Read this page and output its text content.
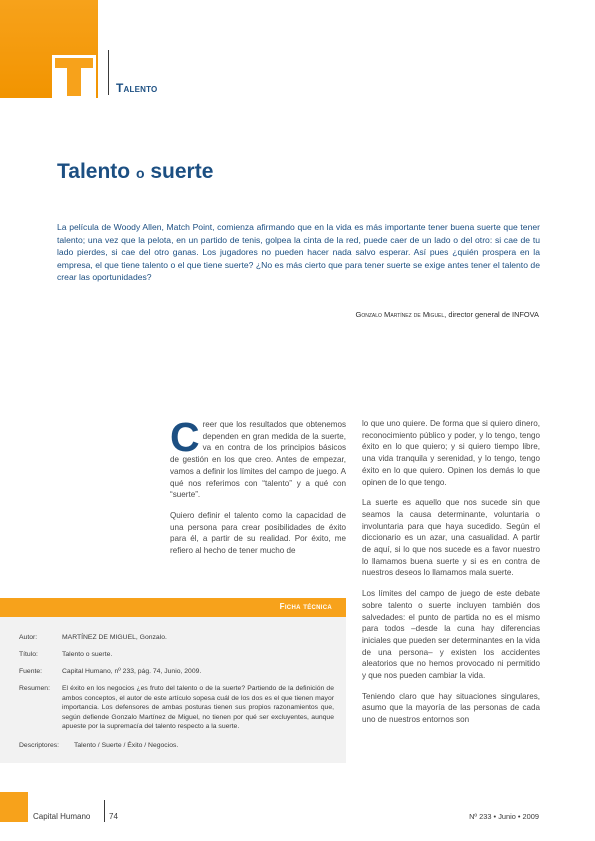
Talento
Talento o suerte
La película de Woody Allen, Match Point, comienza afirmando que en la vida es más importante tener buena suerte que tener talento; una vez que la pelota, en un partido de tenis, golpea la cinta de la red, puede caer de un lado o del otro: si cae de tu lado pierdes, si cae del otro ganas. Los jugadores no pueden hacer nada salvo esperar. Así pues ¿quién prospera en la empresa, el que tiene talento o el que tiene suerte? ¿No es más cierto que para tener suerte se exige antes tener el talento de crear las oportunidades?
Gonzalo Martínez de Miguel, director general de INFOVA

Creer que los resultados que obtenemos dependen en gran medida de la suerte, va en contra de los principios básicos de gestión en los que creo. Antes de empezar, vamos a definir los límites del campo de juego. A qué nos referimos con “talento” y a qué con “suerte”.

Quiero definir el talento como la capacidad de una persona para crear posibilidades de éxito para él, a partir de su realidad. Por éxito, me refiero al hecho de tener mucho de

lo que uno quiere. De forma que si quiero dinero, reconocimiento público y poder, y lo tengo, tengo éxito en lo que quiero; y si quiero tiempo libre, una vida tranquila y serenidad, y lo tengo, tengo éxito en lo que quiero. Opinen los demás lo que opinen de lo que tengo.

La suerte es aquello que nos sucede sin que seamos la causa determinante, voluntaria o involuntaria para que haya sucedido. Según el diccionario es un azar, una casualidad. A partir de aquí, si lo que nos sucede es a favor nuestro lo llamamos buena suerte y si es en contra de nuestros deseos lo llamamos mala suerte.

Los límites del campo de juego de este debate sobre talento o suerte incluyen también dos salvedades: el punto de partida no es el mismo para todos –desde la cuna hay diferencias iniciales que pueden ser determinantes en la vida de una persona– y existen los accidentes aleatorios que no hemos provocado ni permitido y que nos pueden cambiar la vida.

Teniendo claro que hay situaciones singulares, asumo que la mayoría de las personas de cada uno de nuestros entornos son

Ficha técnica
Autor:	MARTÍNEZ DE MIGUEL, Gonzalo.
Título:	Talento o suerte.
Fuente:	Capital Humano, nº 233, pág. 74, Junio, 2009.
Resumen: El éxito en los negocios ¿es fruto del talento o de la suerte? Partiendo de la definición de ambos conceptos, el autor de este artículo sopesa cuál de los dos es el que tienen mayor importancia. Los defensores de ambas posturas tienen sus propios razonamientos que, según defiende Gonzalo Martínez de Miguel, no tienen por qué ser excluyentes, aunque apueste por la supremacía del talento respecto a la suerte.
Descriptores: Talento / Suerte / Éxito / Negocios.
Capital Humano 74	Nº 233 • Junio • 2009
